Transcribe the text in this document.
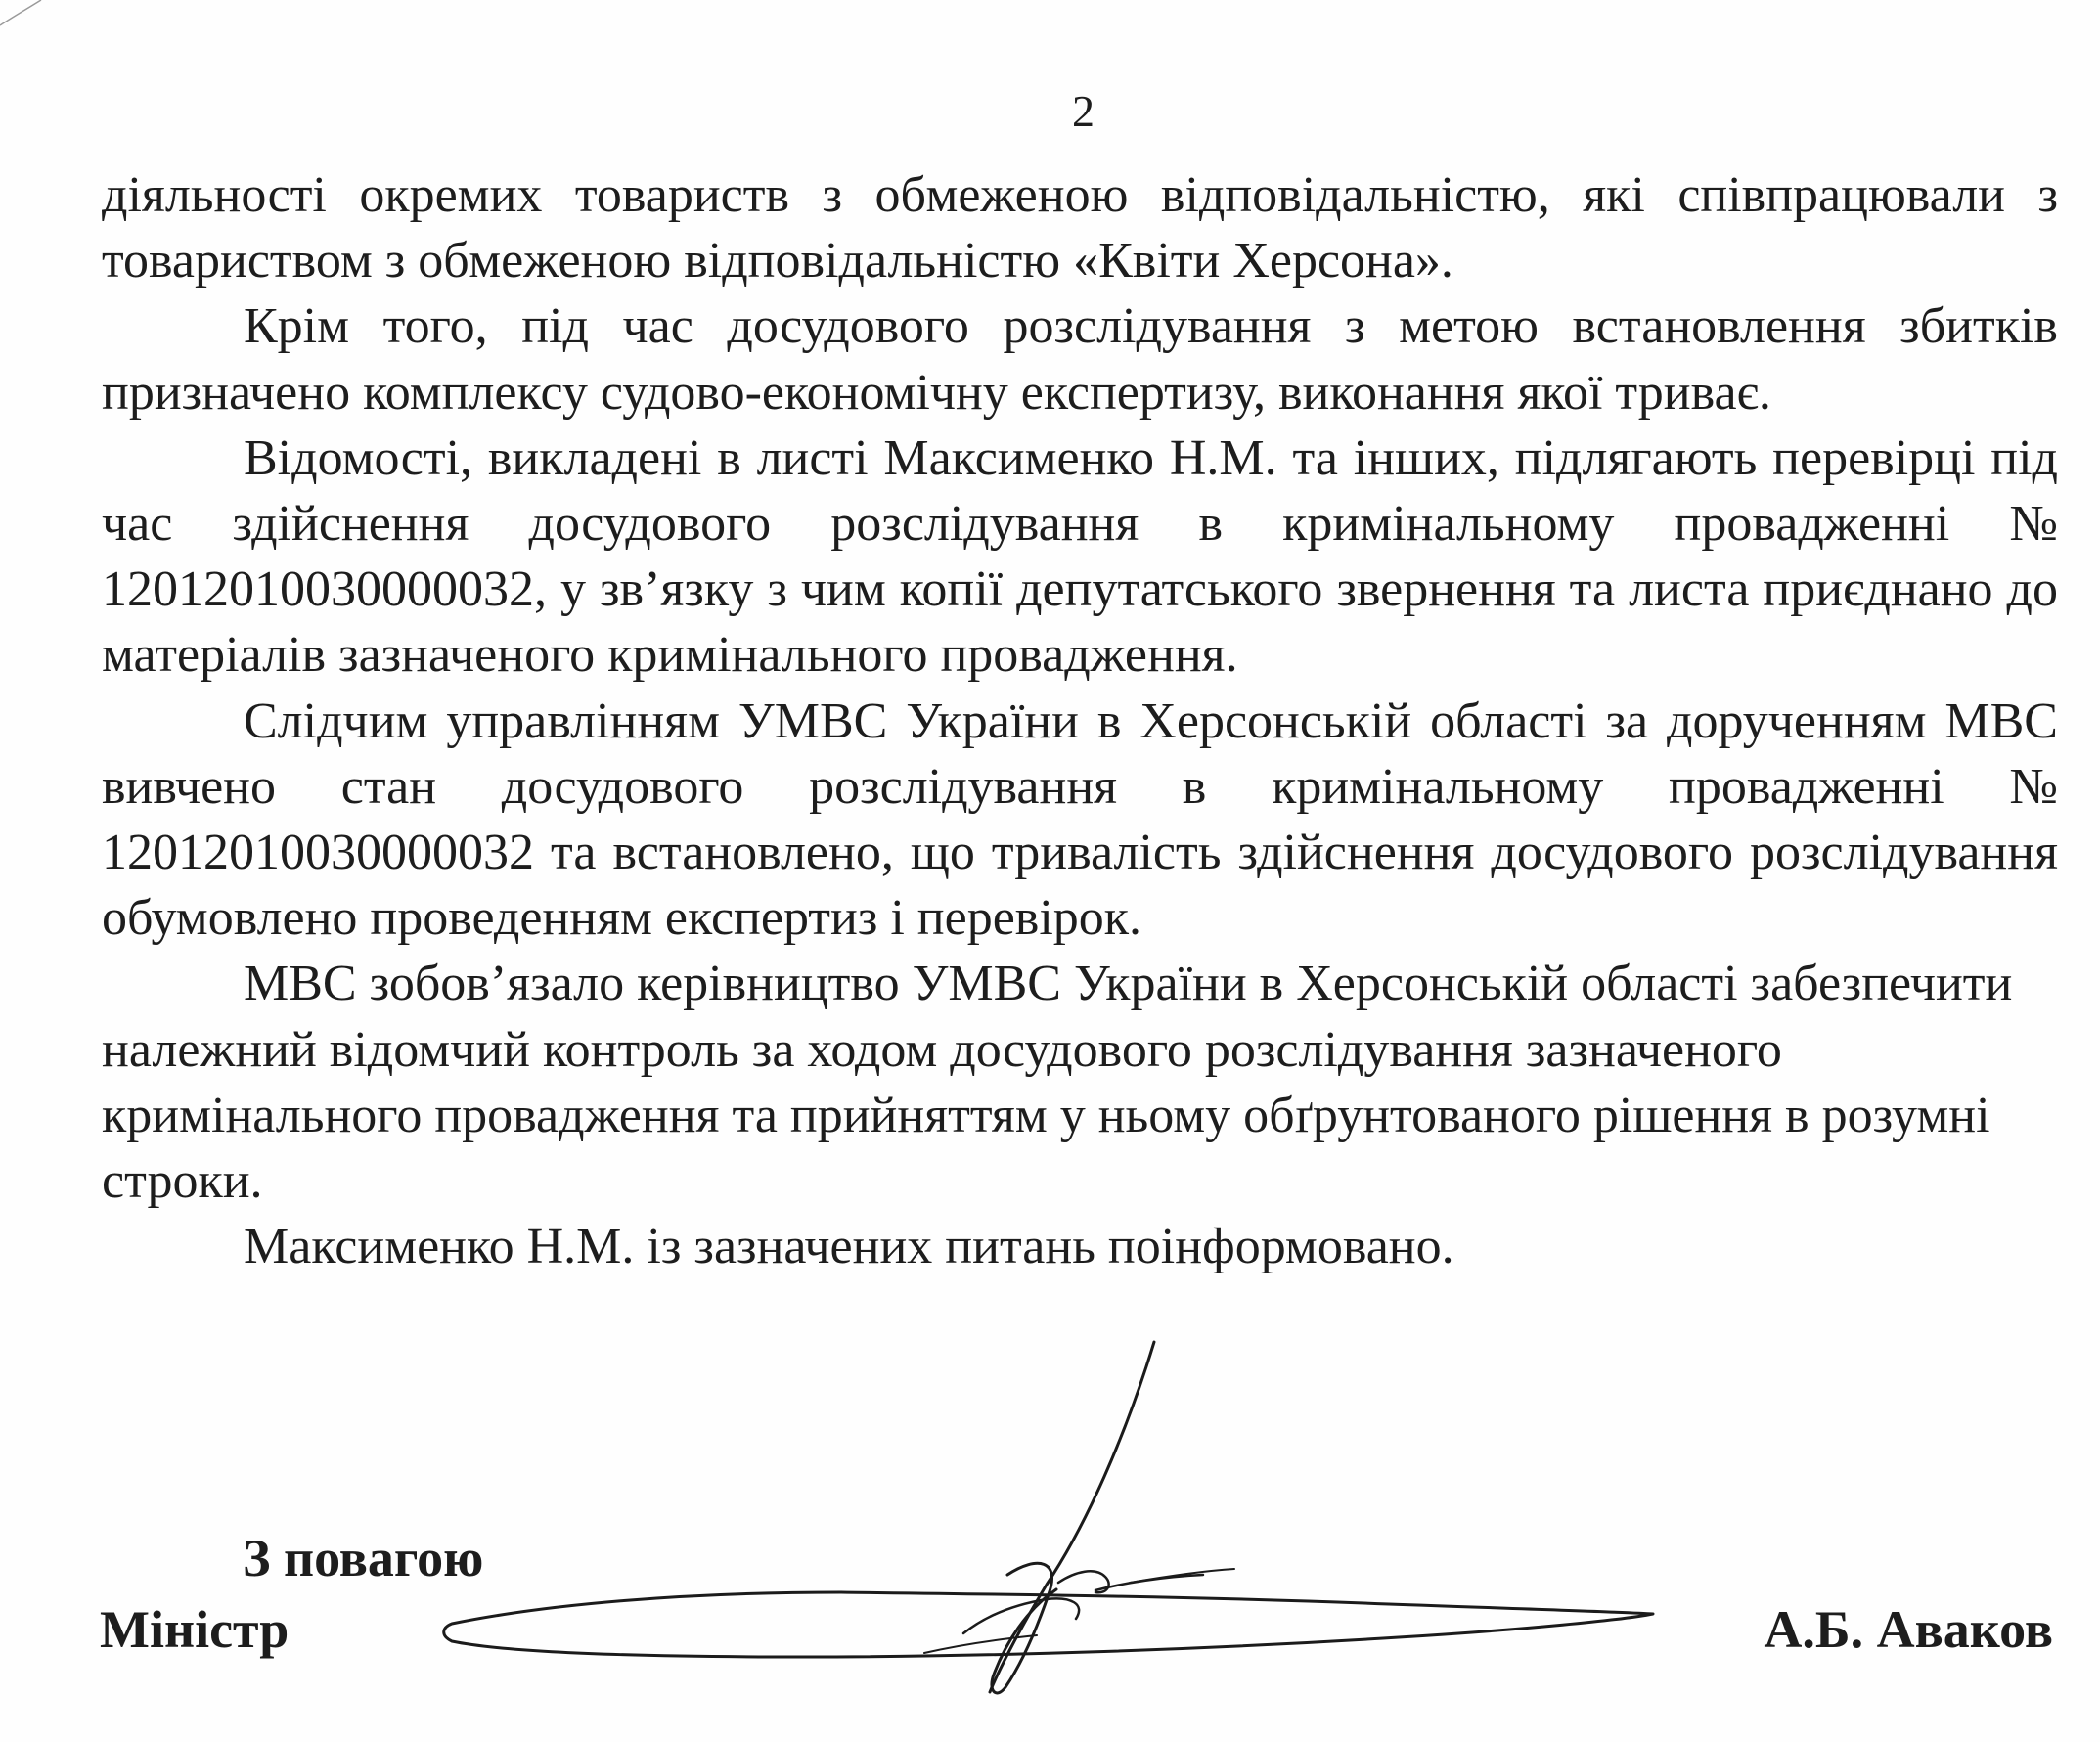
2

діяльності окремих товариств з обмеженою відповідальністю, які співпрацювали з товариством з обмеженою відповідальністю «Квіти Херсона».

Крім того, під час досудового розслідування з метою встановлення збитків призначено комплексу судово-економічну експертизу, виконання якої триває.

Відомості, викладені в листі Максименко Н.М. та інших, підлягають перевірці під час здійснення досудового розслідування в кримінальному провадженні № 12012010030000032, у зв’язку з чим копії депутатського звернення та листа приєднано до матеріалів зазначеного кримінального провадження.

Слідчим управлінням УМВС України в Херсонській області за дорученням МВС вивчено стан досудового розслідування в кримінальному провадженні № 12012010030000032 та встановлено, що тривалість здійснення досудового розслідування обумовлено проведенням експертиз і перевірок.

МВС зобов’язало керівництво УМВС України в Херсонській області забезпечити належний відомчий контроль за ходом досудового розслідування зазначеного кримінального провадження та прийняттям у ньому обґрунтованого рішення в розумні строки.

Максименко Н.М. із зазначених питань поінформовано.

З повагою
Міністр	А.Б. Аваков
